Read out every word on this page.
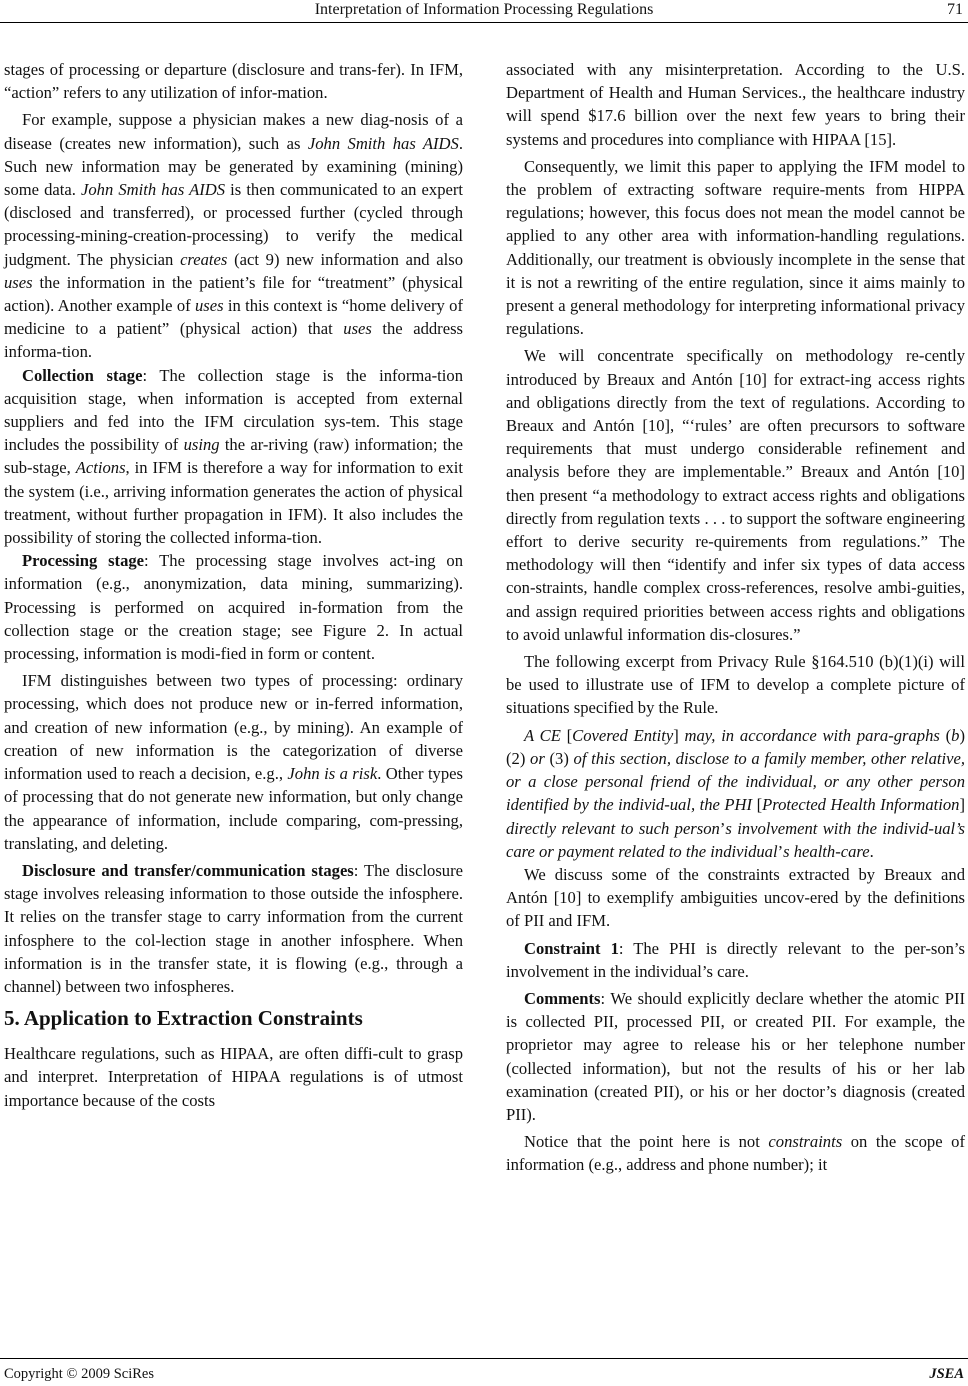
Interpretation of Information Processing Regulations	71

stages of processing or departure (disclosure and trans-fer). In IFM, “action” refers to any utilization of infor-mation.

For example, suppose a physician makes a new diag-nosis of a disease (creates new information), such as John Smith has AIDS. Such new information may be generated by examining (mining) some data. John Smith has AIDS is then communicated to an expert (disclosed and transferred), or processed further (cycled through processing-mining-creation-processing) to verify the medical judgment. The physician creates (act 9) new information and also uses the information in the patient’s file for “treatment” (physical action). Another example of uses in this context is “home delivery of medicine to a patient” (physical action) that uses the address informa-tion.

Collection stage: The collection stage is the informa-tion acquisition stage, when information is accepted from external suppliers and fed into the IFM circulation sys-tem. This stage includes the possibility of using the ar-riving (raw) information; the sub-stage, Actions, in IFM is therefore a way for information to exit the system (i.e., arriving information generates the action of physical treatment, without further propagation in IFM). It also includes the possibility of storing the collected informa-tion.

Processing stage: The processing stage involves act-ing on information (e.g., anonymization, data mining, summarizing). Processing is performed on acquired in-formation from the collection stage or the creation stage; see Figure 2. In actual processing, information is modi-fied in form or content.

IFM distinguishes between two types of processing: ordinary processing, which does not produce new or in-ferred information, and creation of new information (e.g., by mining). An example of creation of new information is the categorization of diverse information used to reach a decision, e.g., John is a risk. Other types of processing that do not generate new information, but only change the appearance of information, include comparing, com-pressing, translating, and deleting.

Disclosure and transfer/communication stages: The disclosure stage involves releasing information to those outside the infosphere. It relies on the transfer stage to carry information from the current infosphere to the col-lection stage in another infosphere. When information is in the transfer state, it is flowing (e.g., through a channel) between two infospheres.

5. Application to Extraction Constraints

Healthcare regulations, such as HIPAA, are often diffi-cult to grasp and interpret. Interpretation of HIPAA regulations is of utmost importance because of the costs

associated with any misinterpretation. According to the U.S. Department of Health and Human Services., the healthcare industry will spend $17.6 billion over the next few years to bring their systems and procedures into compliance with HIPAA [15].

Consequently, we limit this paper to applying the IFM model to the problem of extracting software require-ments from HIPPA regulations; however, this focus does not mean the model cannot be applied to any other area with information-handling regulations. Additionally, our treatment is obviously incomplete in the sense that it is not a rewriting of the entire regulation, since it aims mainly to present a general methodology for interpreting informational privacy regulations.

We will concentrate specifically on methodology re-cently introduced by Breaux and Antón [10] for extract-ing access rights and obligations directly from the text of regulations. According to Breaux and Antón [10], “‘rules’ are often precursors to software requirements that must undergo considerable refinement and analysis before they are implementable.” Breaux and Antón [10] then present “a methodology to extract access rights and obligations directly from regulation texts . . . to support the software engineering effort to derive security re-quirements from regulations.” The methodology will then “identify and infer six types of data access con-straints, handle complex cross-references, resolve ambi-guities, and assign required priorities between access rights and obligations to avoid unlawful information dis-closures.”

The following excerpt from Privacy Rule §164.510 (b)(1)(i) will be used to illustrate use of IFM to develop a complete picture of situations specified by the Rule.

A CE [Covered Entity] may, in accordance with para-graphs (b)(2) or (3) of this section, disclose to a family member, other relative, or a close personal friend of the individual, or any other person identified by the individ-ual, the PHI [Protected Health Information] directly relevant to such person’s involvement with the individ-ual’s care or payment related to the individual’s health-care.

We discuss some of the constraints extracted by Breaux and Antón [10] to exemplify ambiguities uncov-ered by the definitions of PII and IFM.

Constraint 1: The PHI is directly relevant to the per-son’s involvement in the individual’s care.

Comments: We should explicitly declare whether the atomic PII is collected PII, processed PII, or created PII. For example, the proprietor may agree to release his or her telephone number (collected information), but not the results of his or her lab examination (created PII), or his or her doctor’s diagnosis (created PII).

Notice that the point here is not constraints on the scope of information (e.g., address and phone number); it

Copyright © 2009 SciRes	JSEA
